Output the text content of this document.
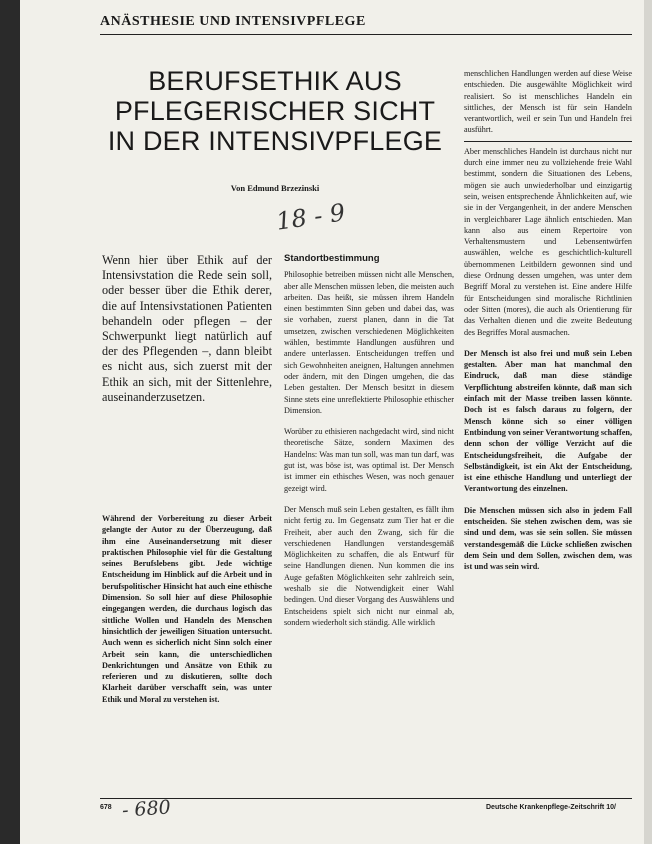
ANÄSTHESIE UND INTENSIVPFLEGE
BERUFSETHIK AUS
PFLEGERISCHER SICHT
IN DER INTENSIVPFLEGE
Von Edmund Brzezinski
18 - 9

Wenn hier über Ethik auf der Intensivstation die Rede sein soll, oder besser über die Ethik derer, die auf Intensivstationen Patienten behandeln oder pflegen – der Schwerpunkt liegt natürlich auf der des Pflegenden –, dann bleibt es nicht aus, sich zuerst mit der Ethik an sich, mit der Sittenlehre, auseinanderzusetzen.

Während der Vorbereitung zu dieser Arbeit gelangte der Autor zu der Überzeugung, daß ihm eine Auseinandersetzung mit dieser praktischen Philosophie viel für die Gestaltung seines Berufslebens gibt. Jede wichtige Entscheidung im Hinblick auf die Arbeit und in berufspolitischer Hinsicht hat auch eine ethische Dimension. So soll hier auf diese Philosophie eingegangen werden, die durchaus logisch das sittliche Wollen und Handeln des Menschen hinsichtlich der jeweiligen Situation untersucht. Auch wenn es sicherlich nicht Sinn solch einer Arbeit sein kann, die unterschiedlichen Denkrichtungen und Ansätze von Ethik zu referieren und zu diskutieren, sollte doch Klarheit darüber verschafft sein, was unter Ethik und Moral zu verstehen ist.

Standortbestimmung

Philosophie betreiben müssen nicht alle Menschen, aber alle Menschen müssen leben, die meisten auch arbeiten. Das heißt, sie müssen ihrem Handeln einen bestimmten Sinn geben und dabei das, was sie vorhaben, zuerst planen, dann in die Tat umsetzen, zwischen verschiedenen Möglichkeiten wählen, bestimmte Handlungen ausführen und andere unterlassen. Entscheidungen treffen und sich Gewohnheiten aneignen, Haltungen annehmen oder ändern, mit den Dingen umgehen, die das Leben gestalten. Der Mensch besitzt in diesem Sinne stets eine unreflektierte Philosophie ethischer Dimension.

Worüber zu ethisieren nachgedacht wird, sind nicht theoretische Sätze, sondern Maximen des Handelns: Was man tun soll, was man tun darf, was gut ist, was böse ist, was optimal ist. Der Mensch ist immer ein ethisches Wesen, was noch genauer gezeigt wird.

Der Mensch muß sein Leben gestalten, es fällt ihm nicht fertig zu. Im Gegensatz zum Tier hat er die Freiheit, aber auch den Zwang, sich für die verschiedenen Handlungen verstandesgemäß Möglichkeiten zu schaffen, die als Entwurf für seine Handlungen dienen. Nun kommen die ins Auge gefaßten Möglichkeiten sehr zahlreich sein, weshalb sie die Notwendigkeit einer Wahl bedingen. Und dieser Vorgang des Auswählens und Entscheidens spielt sich nicht nur einmal ab, sondern wiederholt sich ständig. Alle wirklich

menschlichen Handlungen werden auf diese Weise entschieden. Die ausgewählte Möglichkeit wird realisiert. So ist menschliches Handeln ein sittliches, der Mensch ist für sein Handeln verantwortlich, weil er sein Tun und Handeln frei ausführt.

Aber menschliches Handeln ist durchaus nicht nur durch eine immer neu zu vollziehende freie Wahl bestimmt, sondern die Situationen des Lebens, mögen sie auch unwiederholbar und einzigartig sein, weisen entsprechende Ähnlichkeiten auf, wie sie in der Vergangenheit, in der andere Menschen in vergleichbarer Lage ähnlich entschieden. Man kann also aus einem Repertoire von Verhaltensmustern und Lebensentwürfen auswählen, welche es geschichtlich-kulturell übernommenen Leitbildern gewonnen sind und diese Ordnung dessen umgehen, was unter dem Begriff Moral zu verstehen ist. Eine andere Hilfe für Entscheidungen sind moralische Richtlinien oder Sitten (mores), die auch als Orientierung für das Verhalten dienen und die zweite Bedeutung des Begriffes Moral ausmachen.

Der Mensch ist also frei und muß sein Leben gestalten. Aber man hat manchmal den Eindruck, daß man diese ständige Verpflichtung abstreifen könnte, daß man sich einfach mit der Masse treiben lassen könnte. Doch ist es falsch daraus zu folgern, der Mensch könne sich so einer völligen Entbindung von seiner Verantwortung schaffen, denn schon der völlige Verzicht auf die Entscheidungsfreiheit, die Aufgabe der Selbständigkeit, ist ein Akt der Entscheidung, ist eine ethische Handlung und unterliegt der Verantwortung des einzelnen.

Die Menschen müssen sich also in jedem Fall entscheiden. Sie stehen zwischen dem, was sie sind und dem, was sie sein sollen. Sie müssen verstandesgemäß die Lücke schließen zwischen dem Sein und dem Sollen, zwischen dem, was ist und was sein wird.

678 - 680	Deutsche Krankenpflege-Zeitschrift 10/
